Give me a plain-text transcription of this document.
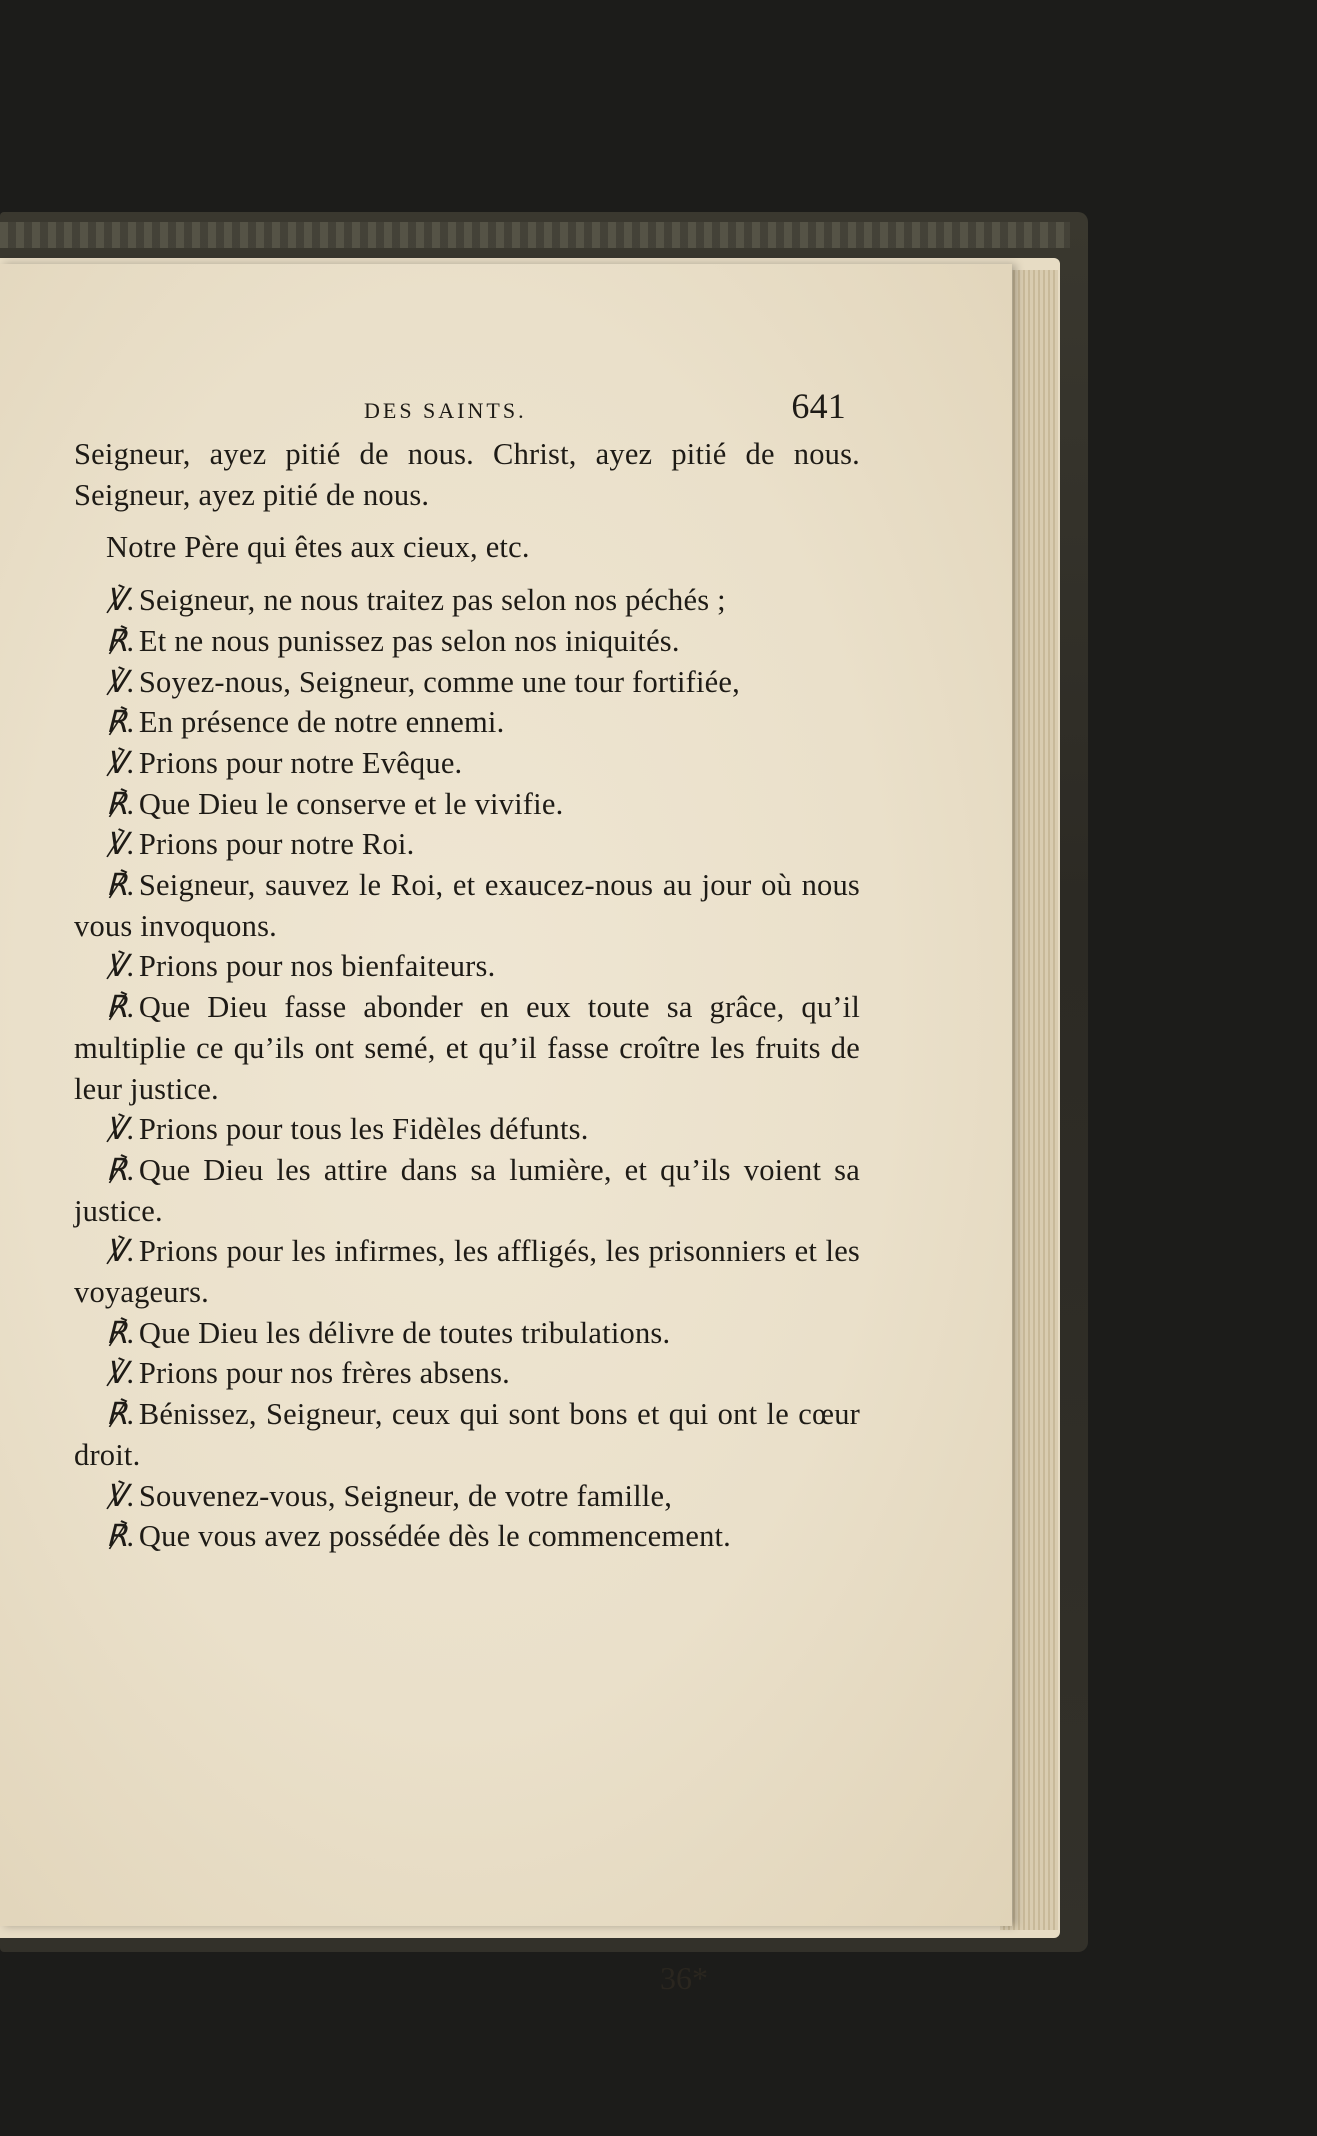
36*
DES SAINTS.	641

Seigneur, ayez pitié de nous. Christ, ayez pitié de nous. Seigneur, ayez pitié de nous.

Notre Père qui êtes aux cieux, etc.

℣. Seigneur, ne nous traitez pas selon nos péchés ;

℟. Et ne nous punissez pas selon nos iniquités.

℣. Soyez-nous, Seigneur, comme une tour fortifiée,

℟. En présence de notre ennemi.

℣. Prions pour notre Evêque.

℟. Que Dieu le conserve et le vivifie.

℣. Prions pour notre Roi.

℟. Seigneur, sauvez le Roi, et exaucez-nous au jour où nous vous invoquons.

℣. Prions pour nos bienfaiteurs.

℟. Que Dieu fasse abonder en eux toute sa grâce, qu’il multiplie ce qu’ils ont semé, et qu’il fasse croître les fruits de leur justice.

℣. Prions pour tous les Fidèles défunts.

℟. Que Dieu les attire dans sa lumière, et qu’ils voient sa justice.

℣. Prions pour les infirmes, les affligés, les prisonniers et les voyageurs.

℟. Que Dieu les délivre de toutes tribulations.

℣. Prions pour nos frères absens.

℟. Bénissez, Seigneur, ceux qui sont bons et qui ont le cœur droit.

℣. Souvenez-vous, Seigneur, de votre famille,

℟. Que vous avez possédée dès le commencement.
